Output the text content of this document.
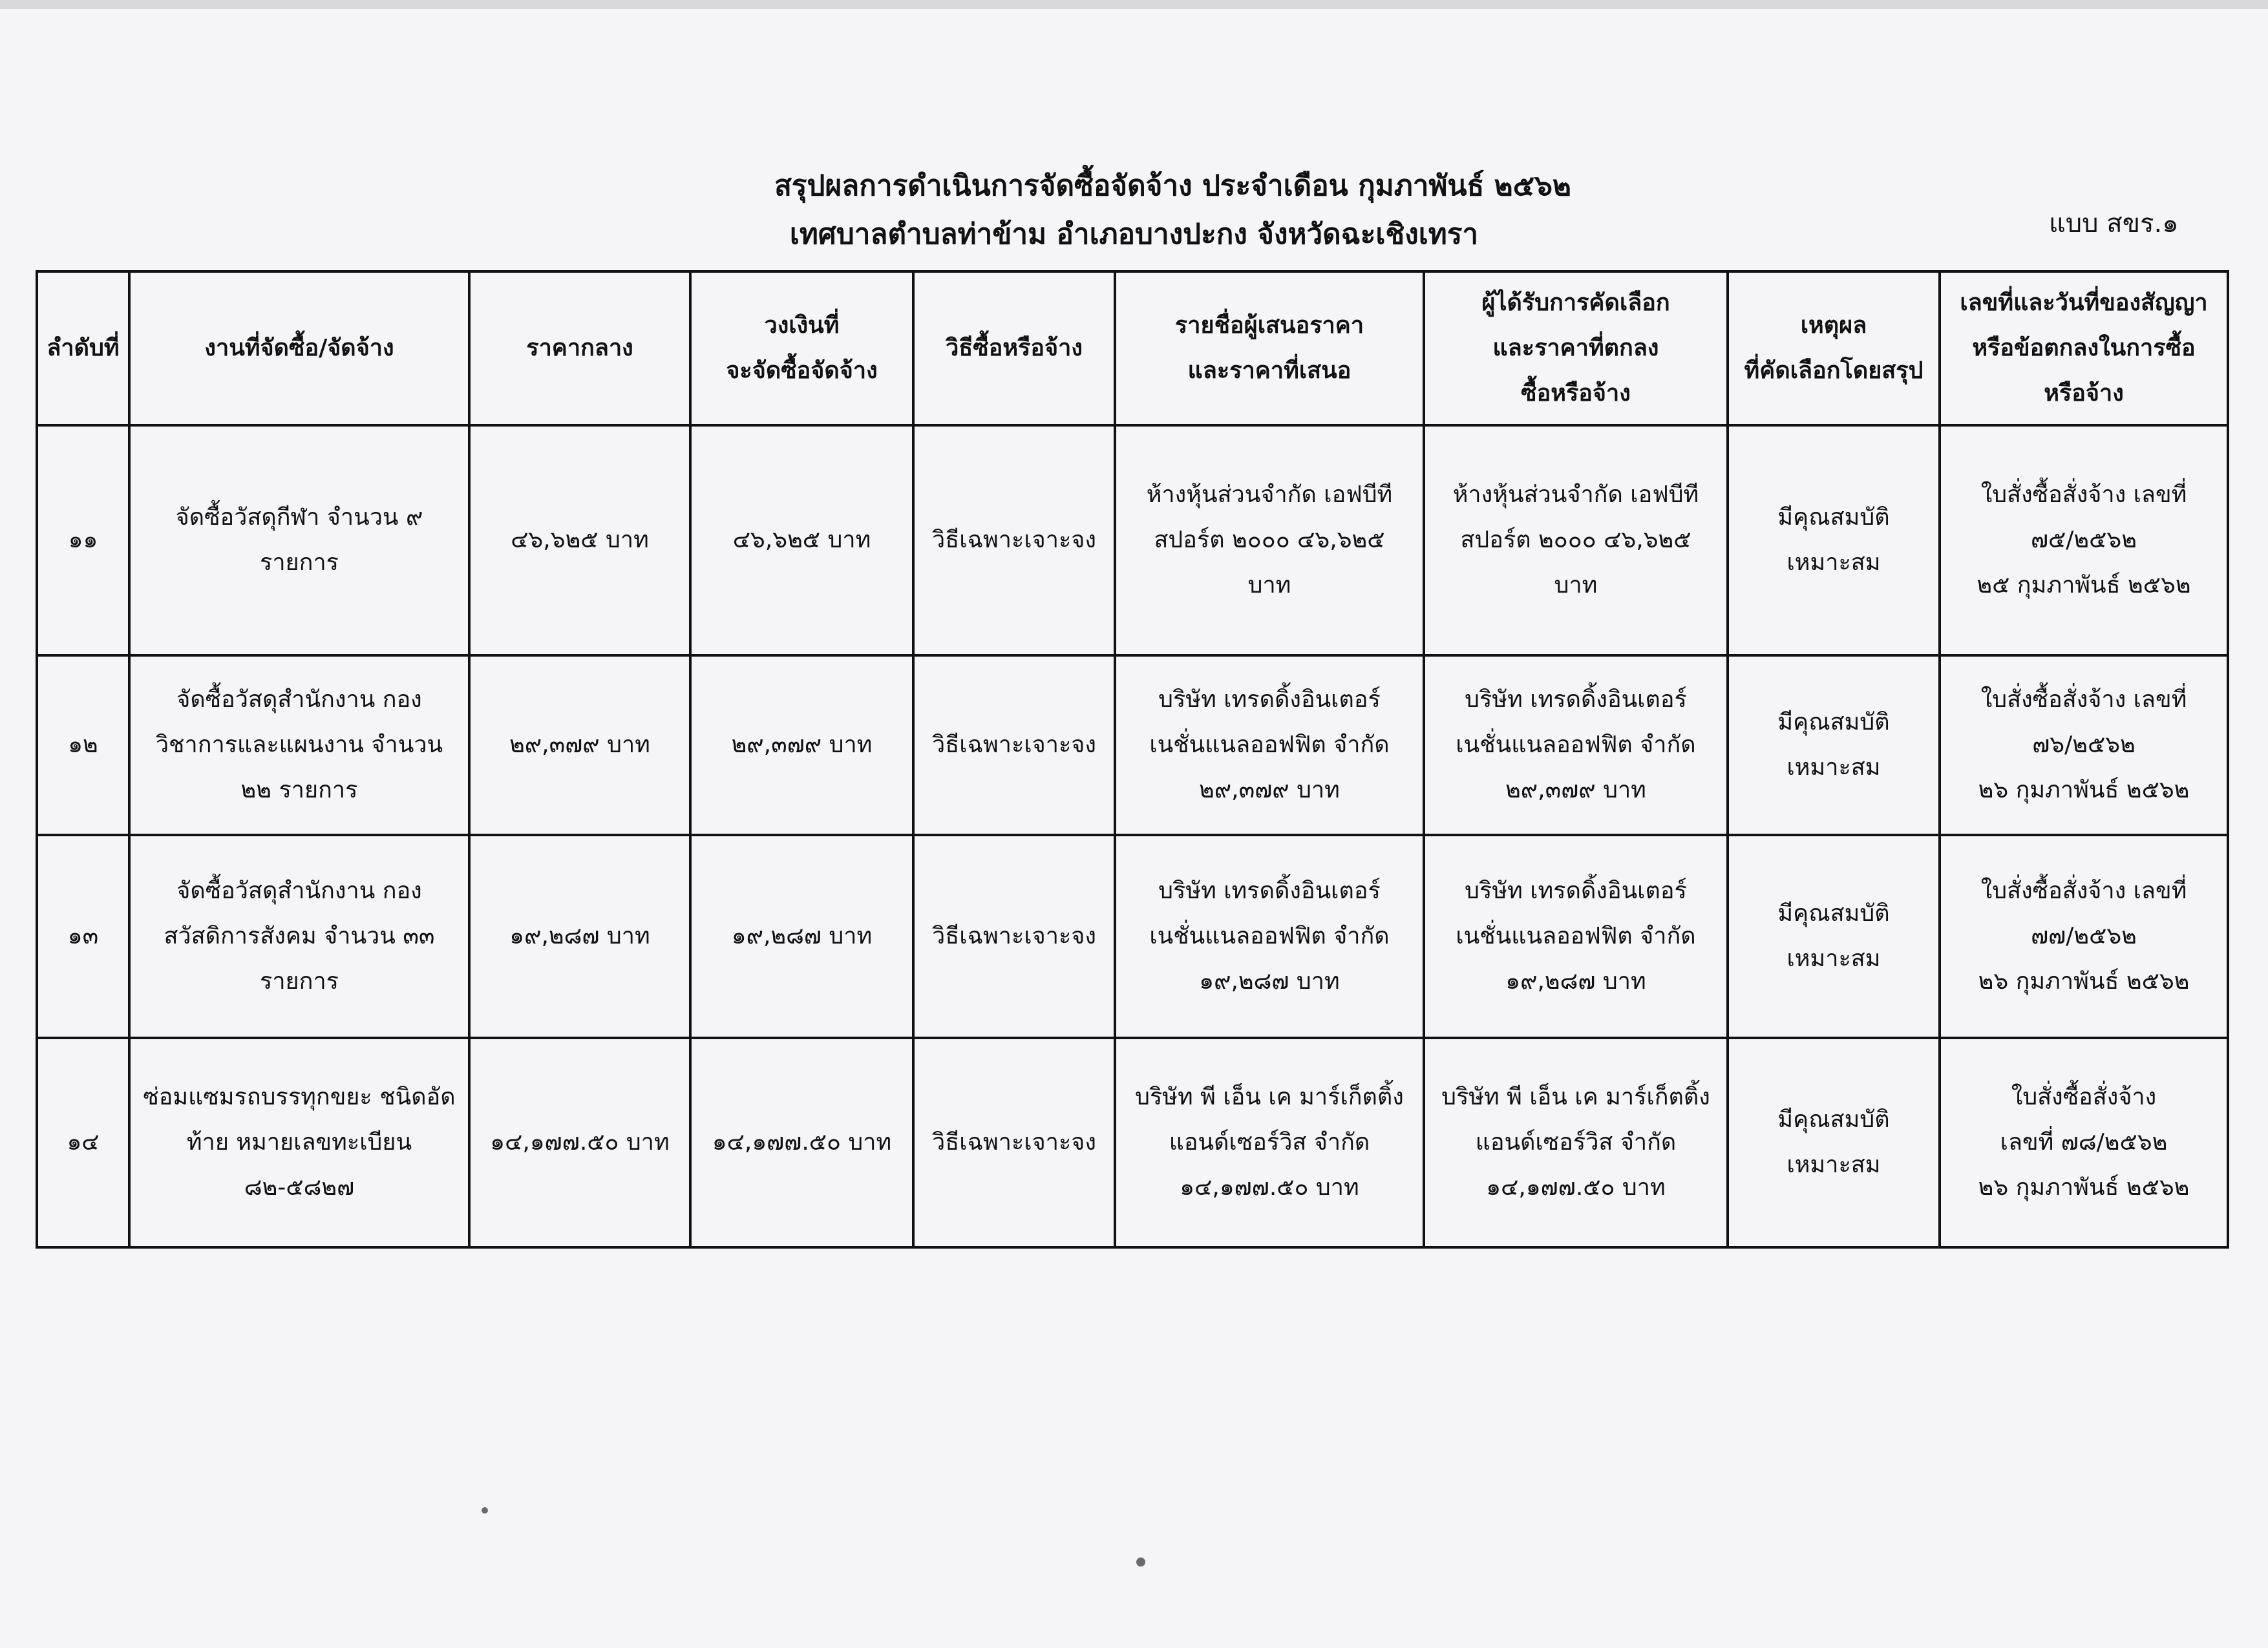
สรุปผลการดำเนินการจัดซื้อจัดจ้าง ประจำเดือน กุมภาพันธ์ ๒๕๖๒
เทศบาลตำบลท่าข้าม อำเภอบางปะกง จังหวัดฉะเชิงเทรา	แบบ สขร.๑
ลำดับที่	งานที่จัดซื้อ/จัดจ้าง	ราคากลาง	วงเงินที่
จะจัดซื้อจัดจ้าง	วิธีซื้อหรือจ้าง	รายชื่อผู้เสนอราคา
และราคาที่เสนอ	ผู้ได้รับการคัดเลือก
และราคาที่ตกลง
ซื้อหรือจ้าง	เหตุผล
ที่คัดเลือกโดยสรุป	เลขที่และวันที่ของสัญญา
หรือข้อตกลงในการซื้อ
หรือจ้าง

๑๑	จัดซื้อวัสดุกีฬา จำนวน ๙
รายการ	๔๖,๖๒๕ บาท	๔๖,๖๒๕ บาท	วิธีเฉพาะเจาะจง	ห้างหุ้นส่วนจำกัด เอฟบีที
สปอร์ต ๒๐๐๐ ๔๖,๖๒๕
บาท	ห้างหุ้นส่วนจำกัด เอฟบีที
สปอร์ต ๒๐๐๐ ๔๖,๖๒๕
บาท	มีคุณสมบัติ
เหมาะสม	ใบสั่งซื้อสั่งจ้าง เลขที่
๗๕/๒๕๖๒
๒๕ กุมภาพันธ์ ๒๕๖๒

๑๒	จัดซื้อวัสดุสำนักงาน กอง
วิชาการและแผนงาน จำนวน
๒๒ รายการ	๒๙,๓๗๙ บาท	๒๙,๓๗๙ บาท	วิธีเฉพาะเจาะจง	บริษัท เทรดดิ้งอินเตอร์
เนชั่นแนลออฟฟิต จำกัด
๒๙,๓๗๙ บาท	บริษัท เทรดดิ้งอินเตอร์
เนชั่นแนลออฟฟิต จำกัด
๒๙,๓๗๙ บาท	มีคุณสมบัติ
เหมาะสม	ใบสั่งซื้อสั่งจ้าง เลขที่
๗๖/๒๕๖๒
๒๖ กุมภาพันธ์ ๒๕๖๒

๑๓	จัดซื้อวัสดุสำนักงาน กอง
สวัสดิการสังคม จำนวน ๓๓
รายการ	๑๙,๒๘๗ บาท	๑๙,๒๘๗ บาท	วิธีเฉพาะเจาะจง	บริษัท เทรดดิ้งอินเตอร์
เนชั่นแนลออฟฟิต จำกัด
๑๙,๒๘๗ บาท	บริษัท เทรดดิ้งอินเตอร์
เนชั่นแนลออฟฟิต จำกัด
๑๙,๒๘๗ บาท	มีคุณสมบัติ
เหมาะสม	ใบสั่งซื้อสั่งจ้าง เลขที่
๗๗/๒๕๖๒
๒๖ กุมภาพันธ์ ๒๕๖๒

๑๔	ซ่อมแซมรถบรรทุกขยะ ชนิดอัด
ท้าย หมายเลขทะเบียน
๘๒-๕๘๒๗	๑๔,๑๗๗.๕๐ บาท	๑๔,๑๗๗.๕๐ บาท	วิธีเฉพาะเจาะจง	บริษัท พี เอ็น เค มาร์เก็ตติ้ง
แอนด์เซอร์วิส จำกัด
๑๔,๑๗๗.๕๐ บาท	บริษัท พี เอ็น เค มาร์เก็ตติ้ง
แอนด์เซอร์วิส จำกัด
๑๔,๑๗๗.๕๐ บาท	มีคุณสมบัติ
เหมาะสม	ใบสั่งซื้อสั่งจ้าง
เลขที่ ๗๘/๒๕๖๒
๒๖ กุมภาพันธ์ ๒๕๖๒
